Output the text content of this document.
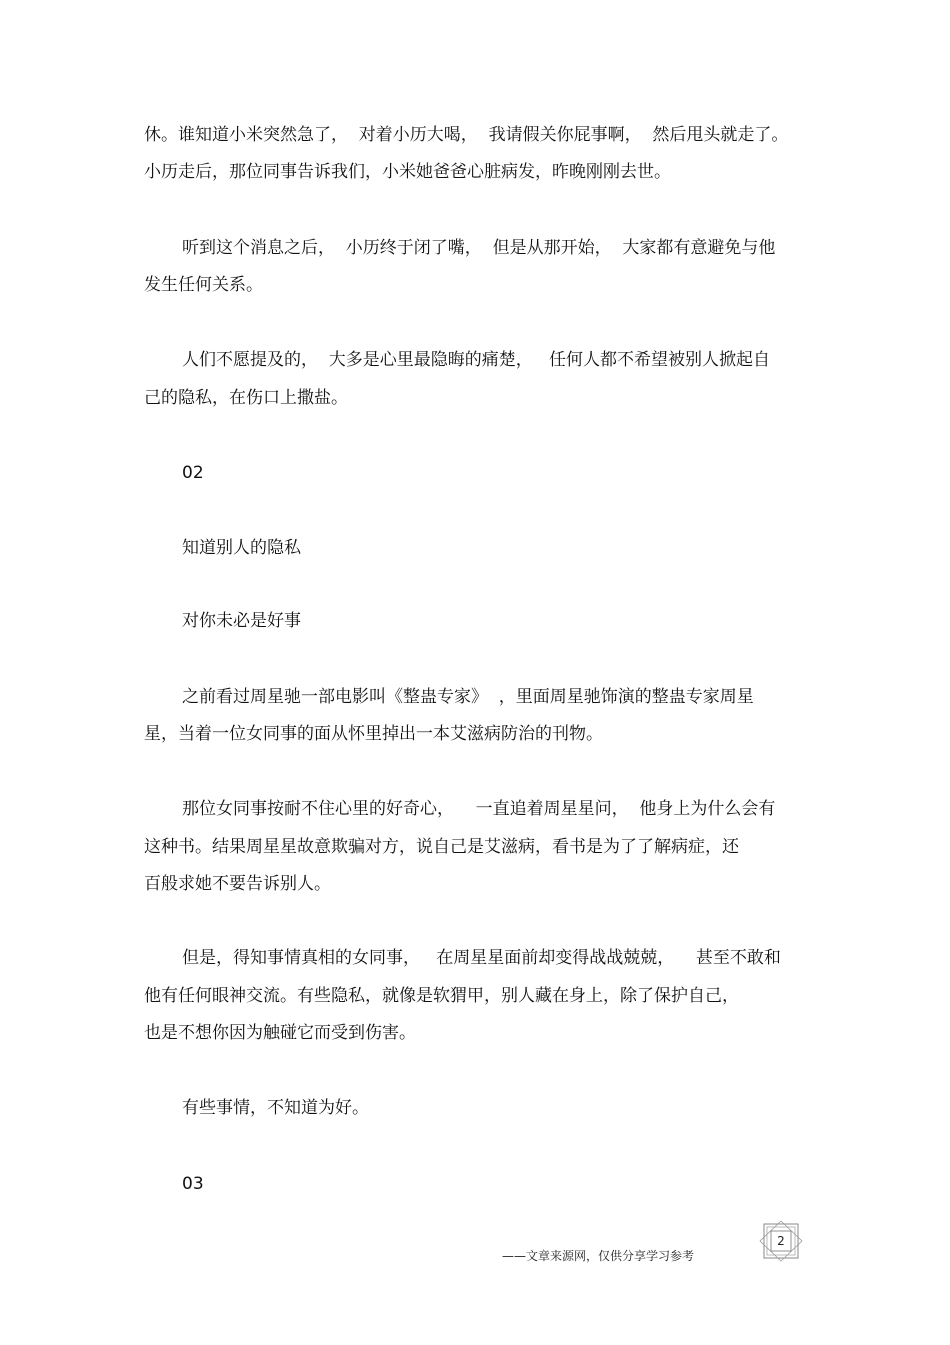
休。谁知道小米突然急了，  对着小历大喝，  我请假关你屁事啊，  然后甩头就走了。

小历走后，那位同事告诉我们，小米她爸爸心脏病发，昨晚刚刚去世。

听到这个消息之后，  小历终于闭了嘴，  但是从那开始，  大家都有意避免与他

发生任何关系。

人们不愿提及的，  大多是心里最隐晦的痛楚，   任何人都不希望被别人掀起自

己的隐私，在伤口上撒盐。

02

知道别人的隐私

对你未必是好事

之前看过周星驰一部电影叫《整蛊专家》  ，里面周星驰饰演的整蛊专家周星

星，当着一位女同事的面从怀里掉出一本艾滋病防治的刊物。

那位女同事按耐不住心里的好奇心，    一直追着周星星问，  他身上为什么会有

这种书。结果周星星故意欺骗对方，说自己是艾滋病，看书是为了了解病症，还

百般求她不要告诉别人。

但是，得知事情真相的女同事，   在周星星面前却变得战战兢兢，    甚至不敢和

他有任何眼神交流。有些隐私，就像是软猬甲，别人藏在身上，除了保护自己，

也是不想你因为触碰它而受到伤害。

有些事情，不知道为好。

03

——文章来源网，仅供分享学习参考
2
